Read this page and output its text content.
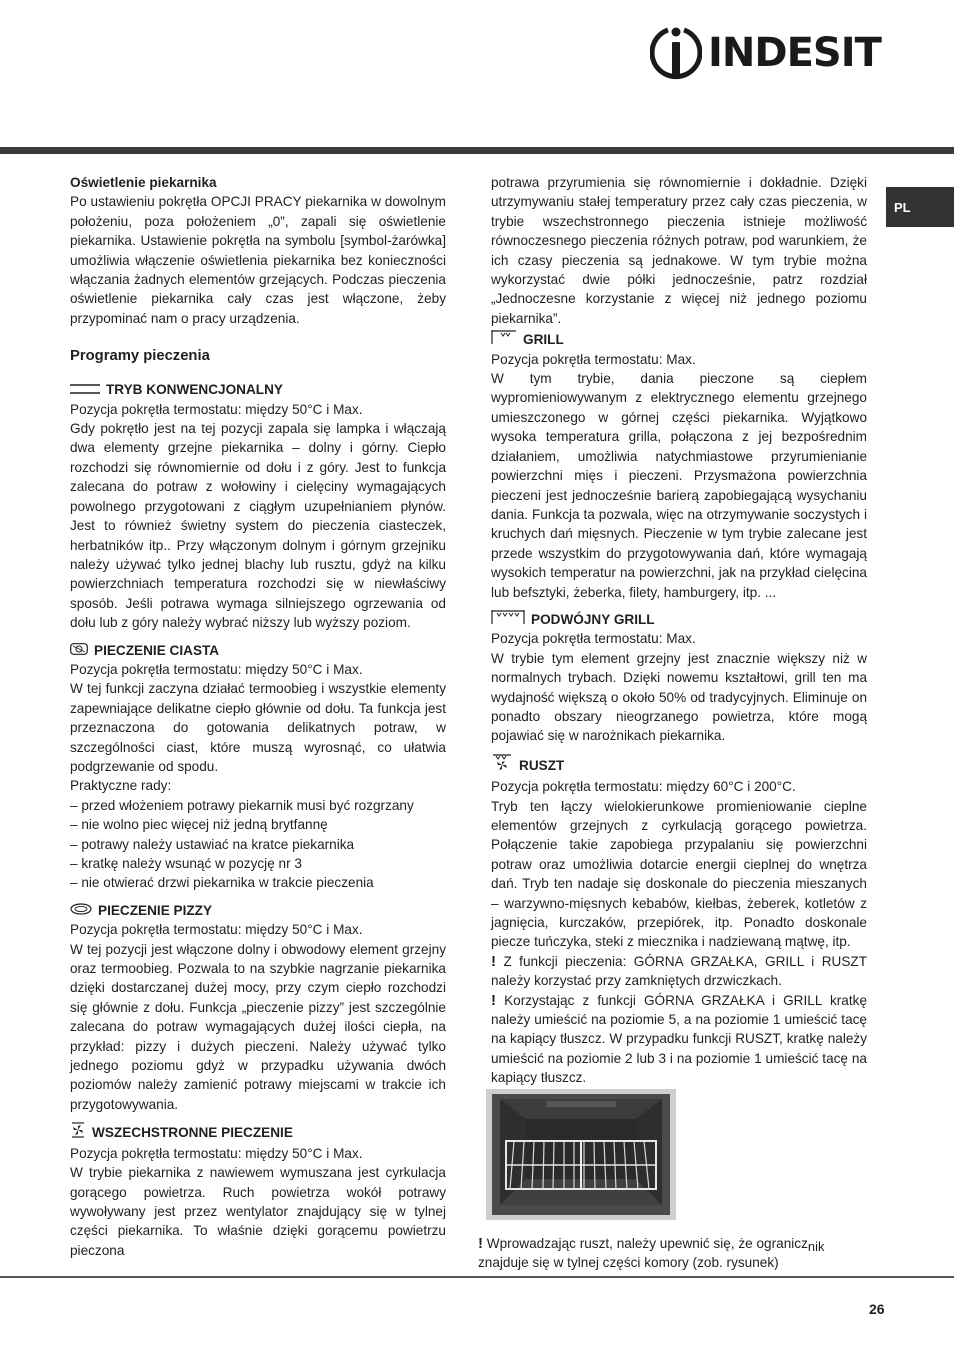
INDESIT
PL

Oświetlenie piekarnika

Po ustawieniu pokrętła OPCJI PRACY piekarnika w dowolnym położeniu, poza położeniem „0”, zapali się oświetlenie piekarnika. Ustawienie pokrętła na symbolu [symbol-żarówka] umożliwia włączenie oświetlenia piekarnika bez konieczności włączania żadnych elementów grzejących. Podczas pieczenia oświetlenie piekarnika cały czas jest włączone, żeby przypominać nam o pracy urządzenia.

Programy pieczenia
TRYB KONWENCJONALNY

Pozycja pokrętła termostatu: między 50°C i Max.

Gdy pokrętło jest na tej pozycji zapala się lampka i włączają dwa elementy grzejne piekarnika – dolny i górny. Ciepło rozchodzi się równomiernie od dołu i z góry. Jest to funkcja zalecana do potraw z wołowiny i cielęciny wymagających powolnego przygotowani z ciągłym uzupełnianiem płynów. Jest to również świetny system do pieczenia ciasteczek, herbatników itp.. Przy włączonym dolnym i górnym grzejniku należy używać tylko jednej blachy lub rusztu, gdyż na kilku powierzchniach temperatura rozchodzi się w niewłaściwy sposób. Jeśli potrawa wymaga silniejszego ogrzewania od dołu lub z góry należy wybrać niższy lub wyższy poziom.

PIECZENIE CIASTA

Pozycja pokrętła termostatu: między 50°C i Max.

W tej funkcji zaczyna działać termoobieg i wszystkie elementy zapewniające delikatne ciepło głównie od dołu. Ta funkcja jest przeznaczona do gotowania delikatnych potraw, w szczególności ciast, które muszą wyrosnąć, co ułatwia podgrzewanie od spodu.

Praktyczne rady:

– przed włożeniem potrawy piekarnik musi być rozgrzany

– nie wolno piec więcej niż jedną brytfannę

– potrawy należy ustawiać na kratce piekarnika

– kratkę należy wsunąć w pozycję nr 3

– nie otwierać drzwi piekarnika w trakcie pieczenia

PIECZENIE PIZZY

Pozycja pokrętła termostatu: między 50°C i Max.

W tej pozycji jest włączone dolny i obwodowy element grzejny oraz termoobieg. Pozwala to na szybkie nagrzanie piekarnika dzięki dostarczanej dużej mocy, przy czym ciepło rozchodzi się głównie z dołu. Funkcja „pieczenie pizzy” jest szczególnie zalecana do potraw wymagających dużej ilości ciepła, na przykład: pizzy i dużych pieczeni. Należy używać tylko jednego poziomu gdyż w przypadku używania dwóch poziomów należy zamienić potrawy miejscami w trakcie ich przygotowywania.

WSZECHSTRONNE PIECZENIE

Pozycja pokrętła termostatu: między 50°C i Max.

W trybie piekarnika z nawiewem wymuszana jest cyrkulacja gorącego powietrza. Ruch powietrza wokół potrawy wywoływany jest przez wentylator znajdujący się w tylnej części piekarnika. To właśnie dzięki gorącemu powietrzu pieczona

potrawa przyrumienia się równomiernie i dokładnie. Dzięki utrzymywaniu stałej temperatury przez cały czas pieczenia, w trybie wszechstronnego pieczenia istnieje możliwość równoczesnego pieczenia różnych potraw, pod warunkiem, że ich czasy pieczenia są jednakowe. W tym trybie można wykorzystać dwie półki jednocześnie, patrz rozdział „Jednoczesne korzystanie z więcej niż jednego poziomu piekarnika”.

GRILL

Pozycja pokrętła termostatu: Max.

W tym trybie, dania pieczone są ciepłem wypromieniowywanym z elektrycznego elementu grzejnego umieszczonego w górnej części piekarnika. Wyjątkowo wysoka temperatura grilla, połączona z jej bezpośrednim działaniem, umożliwia natychmiastowe przyrumienianie powierzchni mięs i pieczeni. Przysmażona powierzchnia pieczeni jest jednocześnie barierą zapobiegającą wysychaniu dania. Funkcja ta pozwala, więc na otrzymywanie soczystych i kruchych dań mięsnych. Pieczenie w tym trybie zalecane jest przede wszystkim do przygotowywania dań, które wymagają wysokich temperatur na powierzchni, jak na przykład cielęcina lub befsztyki, żeberka, filety, hamburgery, itp. ...

PODWÓJNY GRILL

Pozycja pokrętła termostatu: Max.

W trybie tym element grzejny jest znacznie większy niż w normalnych trybach. Dzięki nowemu kształtowi, grill ten ma wydajność większą o około 50% od tradycyjnych. Eliminuje on ponadto obszary nieogrzanego powietrza, które mogą pojawiać się w narożnikach piekarnika.

RUSZT

Pozycja pokrętła termostatu: między 60°C i 200°C.

Tryb ten łączy wielokierunkowe promieniowanie cieplne elementów grzejnych z cyrkulacją gorącego powietrza. Połączenie takie zapobiega przypalaniu się powierzchni potraw oraz umożliwia dotarcie energii cieplnej do wnętrza dań. Tryb ten nadaje się doskonale do pieczenia mieszanych – warzywno-mięsnych kebabów, kiełbas, żeberek, kotletów z jagnięcia, kurczaków, przepiórek, itp. Ponadto doskonale piecze tuńczyka, steki z miecznika i nadziewaną mątwę, itp.

! Z funkcji pieczenia: GÓRNA GRZAŁKA, GRILL i RUSZT należy korzystać przy zamkniętych drzwiczkach.

! Korzystając z funkcji GÓRNA GRZAŁKA i GRILL kratkę należy umieścić na poziomie 5, a na poziomie 1 umieścić tacę na kapiący tłuszcz. W przypadku funkcji RUSZT, kratkę należy umieścić na poziomie 2 lub 3 i na poziomie 1 umieścić tacę na kapiący tłuszcz.

! Wprowadzając ruszt, należy upewnić się, że ogranicznik
znajduje się w tylnej części komory (zob. rysunek)
26
